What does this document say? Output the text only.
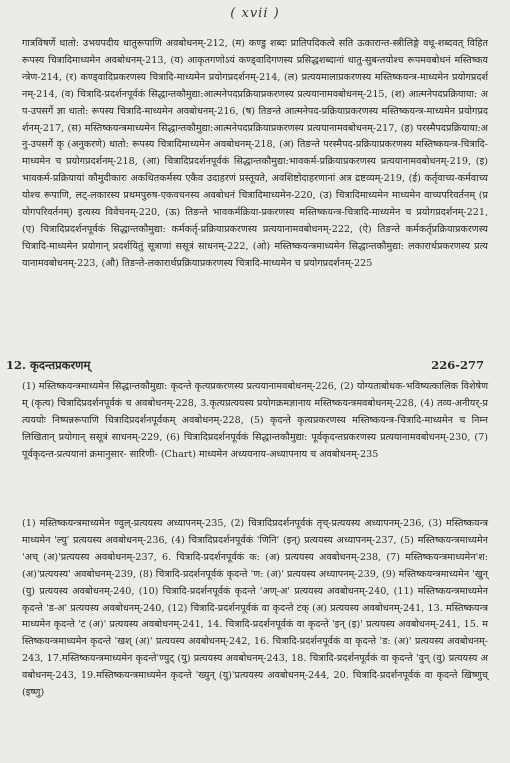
( xvii )

गात्रविषर्णे धातो: उभयपदीय धातुरूपाणि अवबोधनम्-212, (म) कण्डु शब्दः प्रातिपदिकत्वे सति ऊकारान्त-स्त्रीलिङ्गे वधू-शब्दवत् विहित रूपस्य चित्रादिमाध्यमेन अवबोधनम्-213, (य) आकृतगणोऽयं कण्ड्वादिगणस्य प्रसिद्धशब्दानां धातु-सुबन्तयोश्च रूपमवबोधनं मस्तिष्कयन्त्रेण-214, (र) कण्ड्वादिप्रकरणस्य चित्रादि-माध्यमेन प्रयोगप्रदर्शनम्-214, (ल) प्रत्ययमालाप्रकरणस्य मस्तिष्कयन्त्र-माध्यमेन प्रयोगप्रदर्शनम्-214, (व) चित्रादि-प्रदर्शनपूर्वकं सिद्धान्तकौमुद्या:आत्मनेपदप्रक्रियाप्रकरणस्य प्रत्ययानामवबोधनम्-215, (श) आत्मनेपदप्रक्रियाया: अप-उपसर्गे ज्ञा धातो: रूपस्य चित्रादि-माध्यमेन अवबोधनम्-216, (ष) तिङन्ते आत्मनेपद-प्रक्रियाप्रकरणस्य मस्तिष्कयन्त्र-माध्यमेन प्रयोगप्रदर्शनम्-217, (स) मस्तिष्कयन्त्रमाध्यमेन सिद्धान्तकौमुद्या:आत्मनेपदप्रक्रियाप्रकरणस्य प्रत्ययानामवबोधनम्-217, (ह) परस्मैपदप्रक्रियाया:अनु-उपसर्गे कृ (अनुकरणे) धातो: रूपस्य चित्रादिमाध्यमेन अवबोधनम्-218, (अ) तिङन्ते परस्मैपद-प्रक्रियाप्रकरणस्य मस्तिष्कयन्त्र-चित्रादि-माध्यमेन च प्रयोगप्रदर्शनम्-218, (आ) चित्रादिप्रदर्शनपूर्वकं सिद्धान्तकौमुद्या:भावकर्म-प्रक्रियाप्रकरणस्य प्रत्ययानामवबोधनम्-219, (इ) भावकर्म-प्रक्रियायां कौमुदीकारः अकथितकर्मस्य एकैव उदाहरणं प्रस्तूयते, अवशिष्टोदाहरणानां अत्र द्रष्टव्यम्-219, (ई) कर्तृवाच्य-कर्मवाच्ययोश्च रूपाणि, लट्-लकारस्य प्रथमपुरुष-एकवचनस्य अवबोधनं चित्रादिमाध्यमेन-220, (उ) चित्रादिमाध्यमेन माध्यमेन वाच्यपरिवर्तनम् (प्रयोगपरिवर्तनम्) इत्यस्य विवेचनम्-220, (ऊ) तिङन्ते भावकर्मक्रिया-प्रकरणस्य मस्तिष्कयन्त्र-चित्रादि-माध्यमेन च प्रयोगप्रदर्शनम्-221, (ए) चित्रादिप्रदर्शनपूर्वकं सिद्धान्तकौमुद्या: कर्मकर्तृ-प्रक्रियाप्रकरणस्य प्रत्ययानामवबोधनम्-222, (ऐ) तिङन्ते कर्मकर्तृप्रक्रियाप्रकरणस्य चित्रादि-माध्यमेन प्रयोगान् प्रदर्शयितुं सूत्राणां ससूत्रं साधनम्-222, (ओ) मस्तिष्कयन्त्रमाध्यमेन सिद्धान्तकौमुद्या: लकारार्थप्रकरणस्य प्रत्ययानामवबोधनम्-223, (औ) तिङन्ते-लकारार्थप्रक्रियाप्रकरणस्य चित्रादि-माध्यमेन च प्रयोगप्रदर्शनम्-225

12. कृदन्तप्रकरणम्	226-277

(1) मस्तिष्कयन्त्रमाध्यमेन सिद्धान्तकौमुद्या: कृदन्ते कृत्यप्रकरणस्य प्रत्ययानामवबोधनम्-226, (2) योग्यताबोधक-भविष्यत्कालिक विशेषेणम् (कृत्य) चित्रादिप्रदर्शनपूर्वकं च अवबोधनम्-228, 3.कृत्यप्रत्ययस्य प्रयोगक्रमज्ञानाय मस्तिष्कयन्त्रमवबोधनम्-228, (4) तव्य-अनीयर्-प्रत्यययोः निष्पन्नरूपाणि चित्रादिप्रदर्शनपूर्वकम् अवबोधनम्-228, (5) कृदन्ते कृत्यप्रकरणस्य मस्तिष्कयन्त्र-चित्रादि-माध्यमेन च निम्नलिखितान् प्रयोगान् ससूत्रं साधनम्-229, (6) चित्रादिप्रदर्शनपूर्वकं सिद्धान्तकौमुद्या: पूर्वकृदन्तप्रकरणस्य प्रत्ययानामवबोधनम्-230, (7) पूर्वकृदन्त-प्रत्ययानां क्रमानुसार- सारिणी- (Chart) माध्यमेन अध्ययनाय-अध्यापनाय च अवबोधनम्-235

(1) मस्तिष्कयन्त्रमाध्यमेन ण्वुल्-प्रत्ययस्य अध्यापनम्-235, (2) चित्रादिप्रदर्शनपूर्वकं तृच्-प्रत्ययस्य अध्यापनम्-236, (3) मस्तिष्कयन्त्रमाध्यमेन 'ल्यु' प्रत्ययस्य अवबोधनम्-236, (4) चित्रादिप्रदर्शनपूर्वकं 'णिनि' (इन्) प्रत्ययस्य अध्यापनम्-237, (5) मस्तिष्कयन्त्रमाध्यमेन 'अच् (अ)'प्रत्ययस्य अवबोधनम्-237, 6. चित्रादि-प्रदर्शनपूर्वकं क: (अ) प्रत्ययस्य अवबोधनम्-238, (7) मस्तिष्कयन्त्रमाध्यमेन'श: (अ)'प्रत्ययस्य' अवबोधनम्-239, (8) चित्रादि-प्रदर्शनपूर्वकं कृदन्ते 'ण: (अ)' प्रत्ययस्य अध्यापनम्-239, (9) मस्तिष्कयन्त्रमाध्यमेन 'खुन् (यु) प्रत्ययस्य अवबोधनम्-240, (10) चित्रादि-प्रदर्शनपूर्वकं कृदन्ते 'अण्-अ' प्रत्ययस्य अवबोधनम्-240, (11) मस्तिष्कयन्त्रमाध्यमेन कृदन्ते 'ड-अ' प्रत्ययस्य अवबोधनम्-240, (12) चित्रादि-प्रदर्शनपूर्वकं वा कृदन्ते टक् (अ) प्रत्ययस्य अवबोधनम्-241, 13. मस्तिष्कयन्त्रमाध्यमेन कृदन्ते 'ट (अ)' प्रत्ययस्य अवबोधनम्-241, 14. चित्रादि-प्रदर्शनपूर्वकं वा कृदन्ते 'इन् (इ)' प्रत्ययस्य अवबोधनम्-241, 15. मस्तिष्कयन्त्रमाध्यमेन कृदन्ते 'खश् (अ)' प्रत्ययस्य अवबोधनम्-242, 16. चित्रादि-प्रदर्शनपूर्वकं वा कृदन्ते 'ड: (अ)' प्रत्ययस्य अवबोधनम्-243, 17.मस्तिष्कयन्त्रमाध्यमेन कृदन्ते'ण्युट् (यु) प्रत्ययस्य अवबोधनम्-243, 18. चित्रादि-प्रदर्शनपूर्वकं वा कृदन्ते 'वुन् (वु) प्रत्ययस्य अवबोधनम्-243, 19.मस्तिष्कयन्त्रमाध्यमेन कृदन्ते 'ख्युन् (यु)'प्रत्ययस्य अवबोधनम्-244, 20. चित्रादि-प्रदर्शनपूर्वकं वा कृदन्ते खिष्णुच् (इष्णु)
